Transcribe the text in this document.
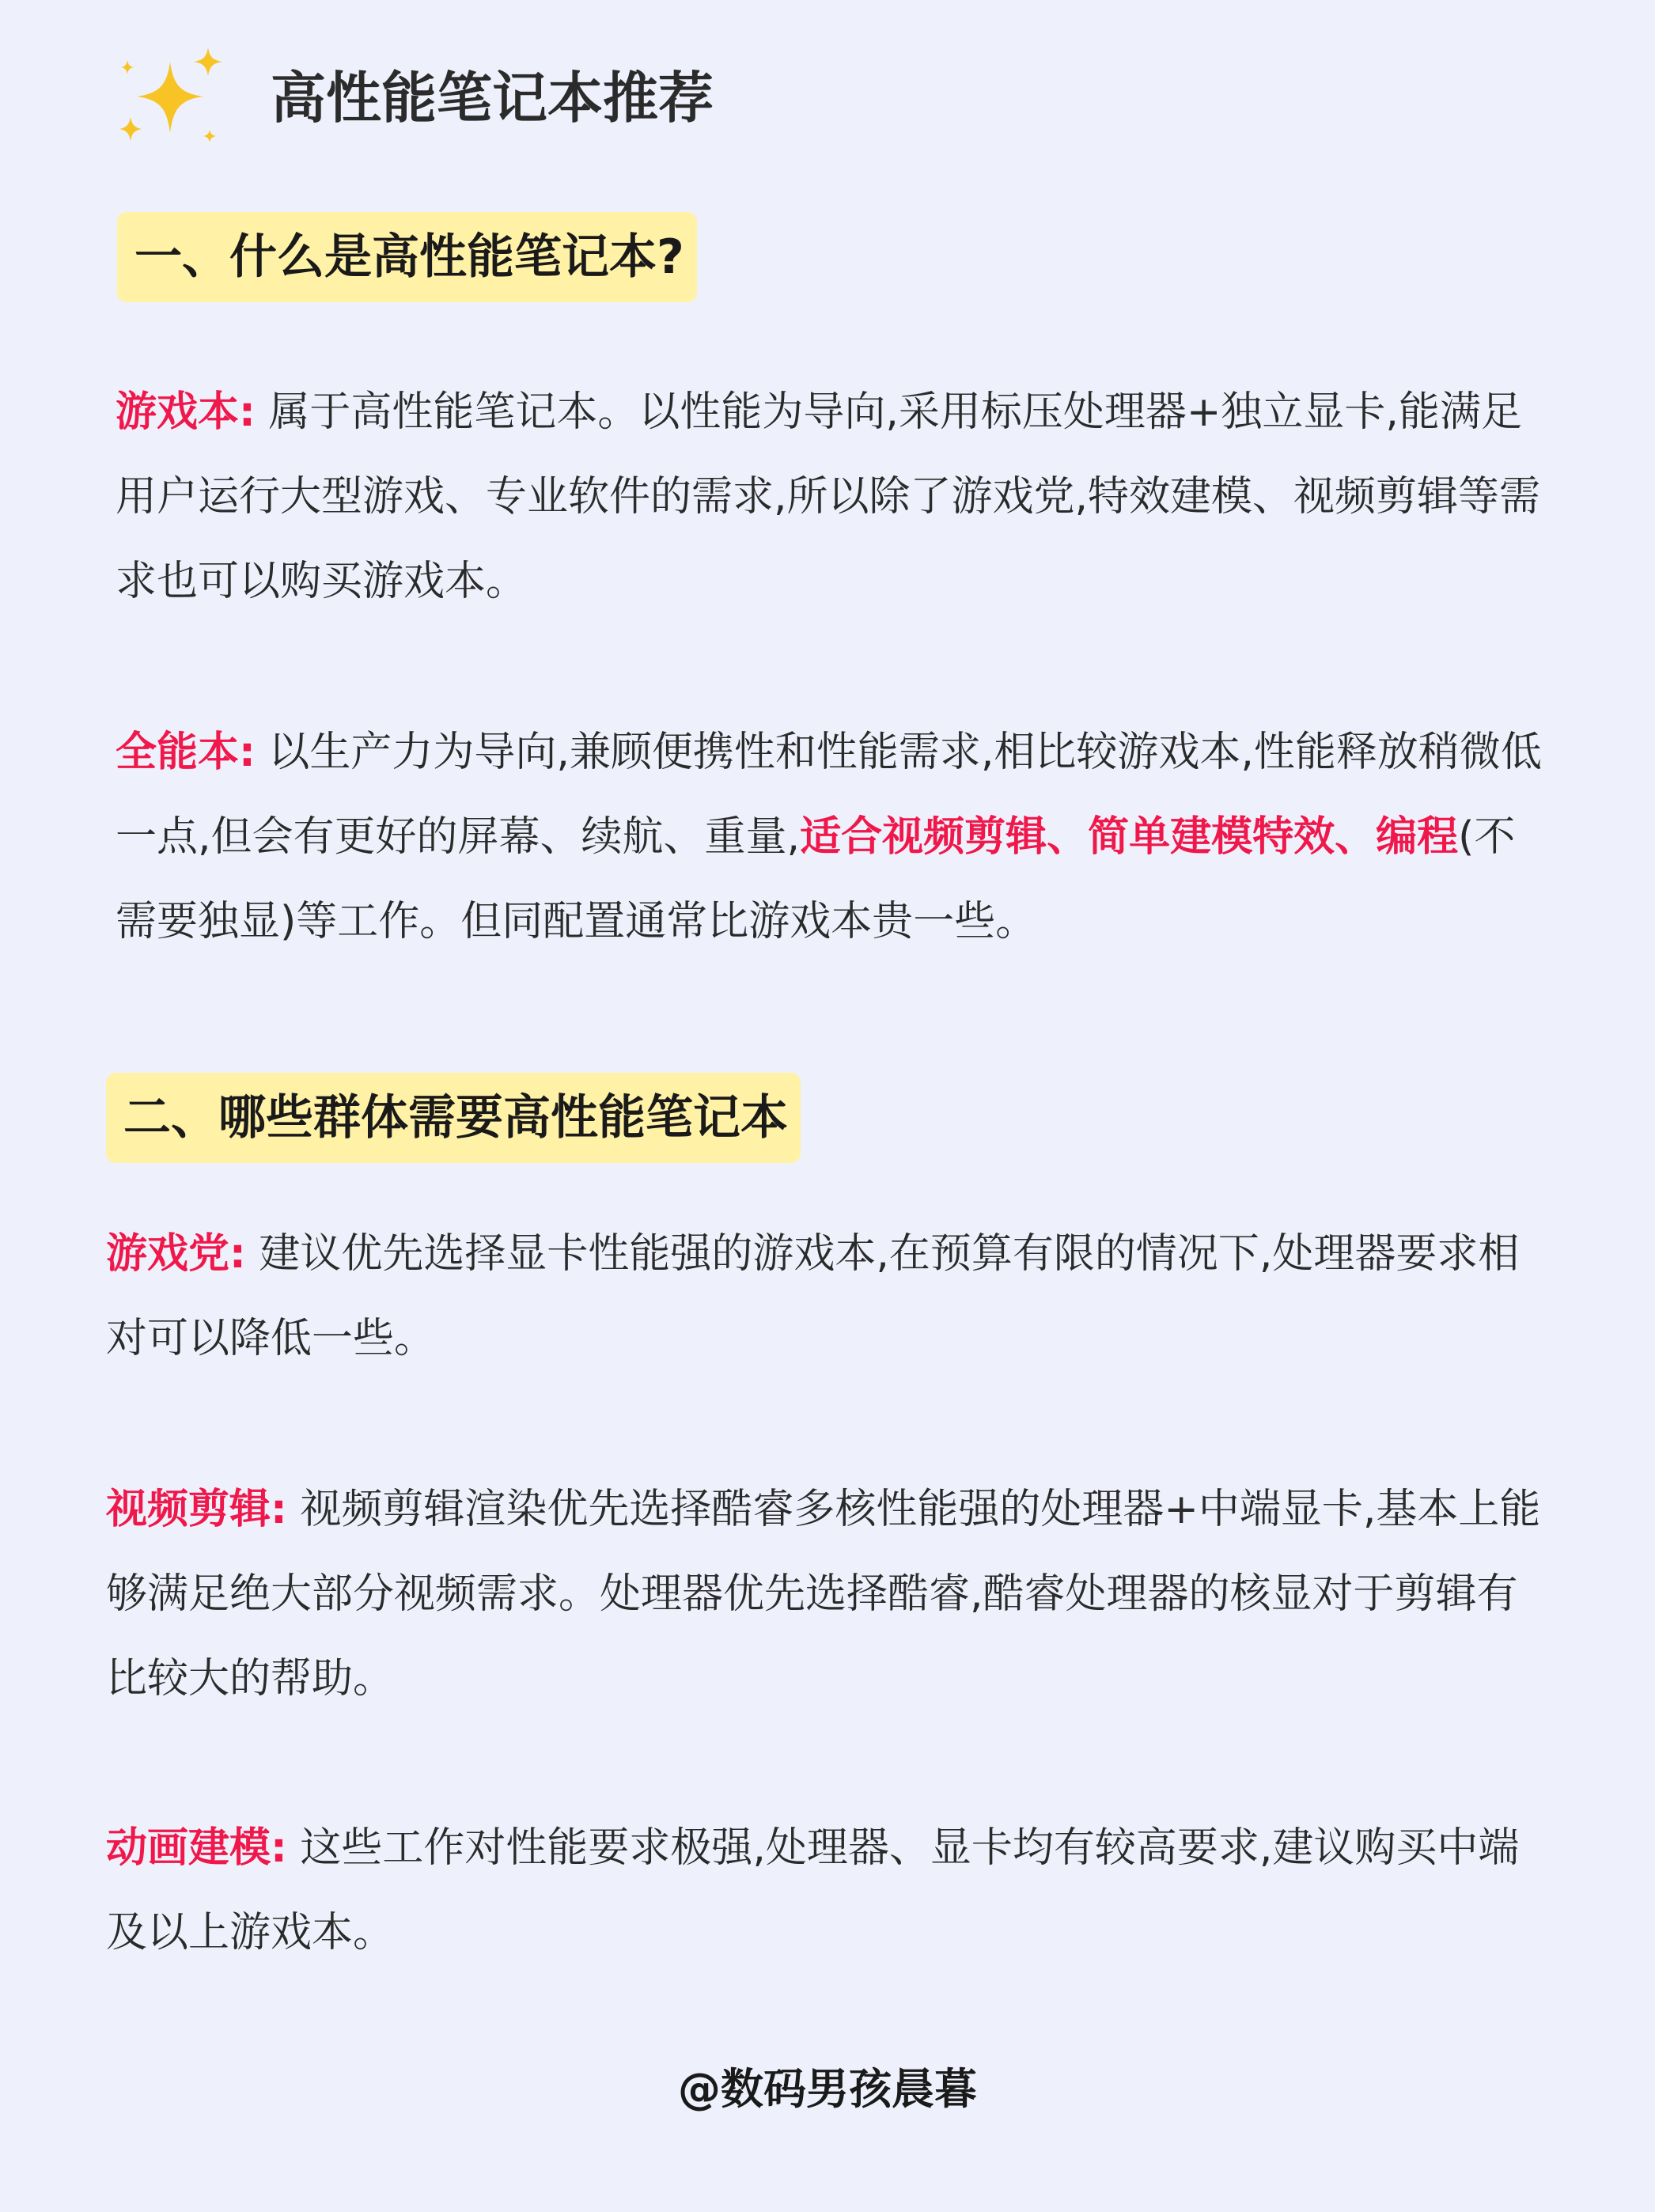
高性能笔记本推荐
一、什么是高性能笔记本?
游戏本: 属于高性能笔记本。以性能为导向,采用标压处理器+独立显卡,能满足用户运行大型游戏、专业软件的需求,所以除了游戏党,特效建模、视频剪辑等需求也可以购买游戏本。
全能本: 以生产力为导向,兼顾便携性和性能需求,相比较游戏本,性能释放稍微低一点,但会有更好的屏幕、续航、重量,适合视频剪辑、简单建模特效、编程(不需要独显)等工作。但同配置通常比游戏本贵一些。
二、哪些群体需要高性能笔记本
游戏党: 建议优先选择显卡性能强的游戏本,在预算有限的情况下,处理器要求相对可以降低一些。
视频剪辑: 视频剪辑渲染优先选择酷睿多核性能强的处理器+中端显卡,基本上能够满足绝大部分视频需求。处理器优先选择酷睿,酷睿处理器的核显对于剪辑有比较大的帮助。
动画建模: 这些工作对性能要求极强,处理器、显卡均有较高要求,建议购买中端及以上游戏本。
@数码男孩晨暮
